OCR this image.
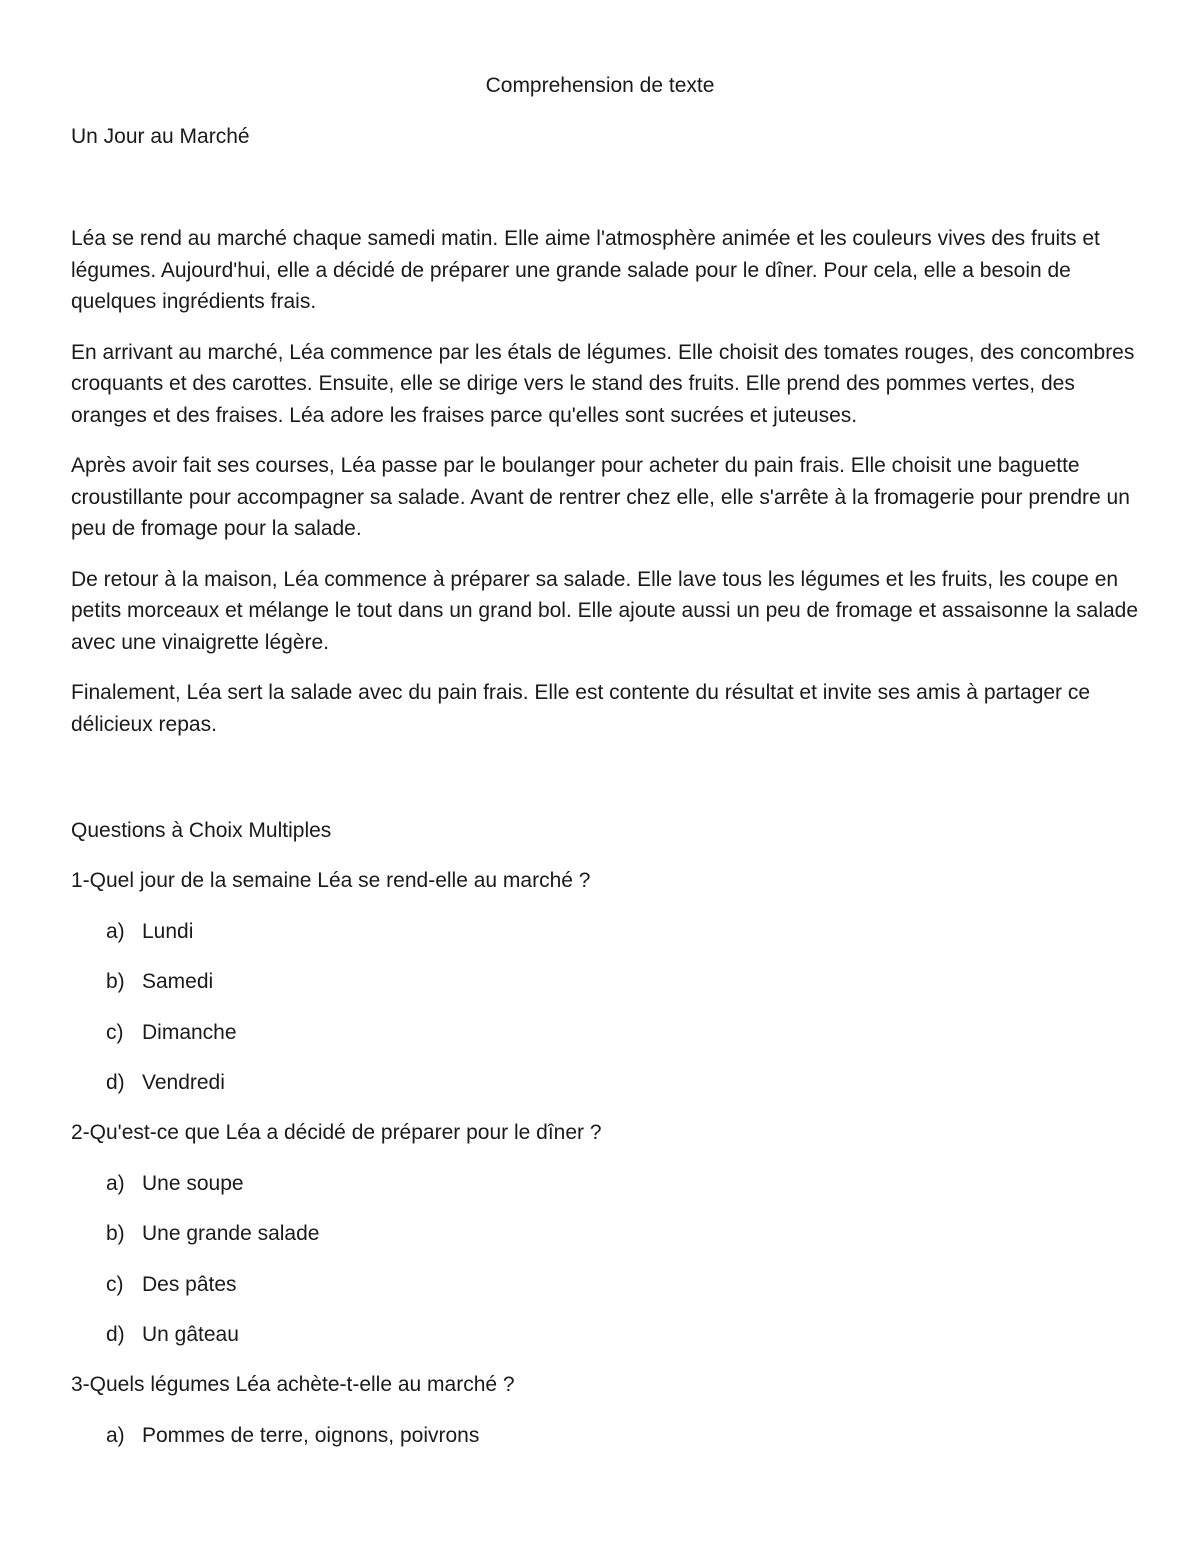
Comprehension de texte

Un Jour au Marché

Léa se rend au marché chaque samedi matin. Elle aime l'atmosphère animée et les couleurs vives des fruits et légumes. Aujourd'hui, elle a décidé de préparer une grande salade pour le dîner. Pour cela, elle a besoin de quelques ingrédients frais.

En arrivant au marché, Léa commence par les étals de légumes. Elle choisit des tomates rouges, des concombres croquants et des carottes. Ensuite, elle se dirige vers le stand des fruits. Elle prend des pommes vertes, des oranges et des fraises. Léa adore les fraises parce qu'elles sont sucrées et juteuses.

Après avoir fait ses courses, Léa passe par le boulanger pour acheter du pain frais. Elle choisit une baguette croustillante pour accompagner sa salade. Avant de rentrer chez elle, elle s'arrête à la fromagerie pour prendre un peu de fromage pour la salade.

De retour à la maison, Léa commence à préparer sa salade. Elle lave tous les légumes et les fruits, les coupe en petits morceaux et mélange le tout dans un grand bol. Elle ajoute aussi un peu de fromage et assaisonne la salade avec une vinaigrette légère.

Finalement, Léa sert la salade avec du pain frais. Elle est contente du résultat et invite ses amis à partager ce délicieux repas.

Questions à Choix Multiples

1-Quel jour de la semaine Léa se rend-elle au marché ?

a) Lundi
b) Samedi
c) Dimanche
d) Vendredi

2-Qu'est-ce que Léa a décidé de préparer pour le dîner ?

a) Une soupe
b) Une grande salade
c) Des pâtes
d) Un gâteau

3-Quels légumes Léa achète-t-elle au marché ?

a) Pommes de terre, oignons, poivrons
